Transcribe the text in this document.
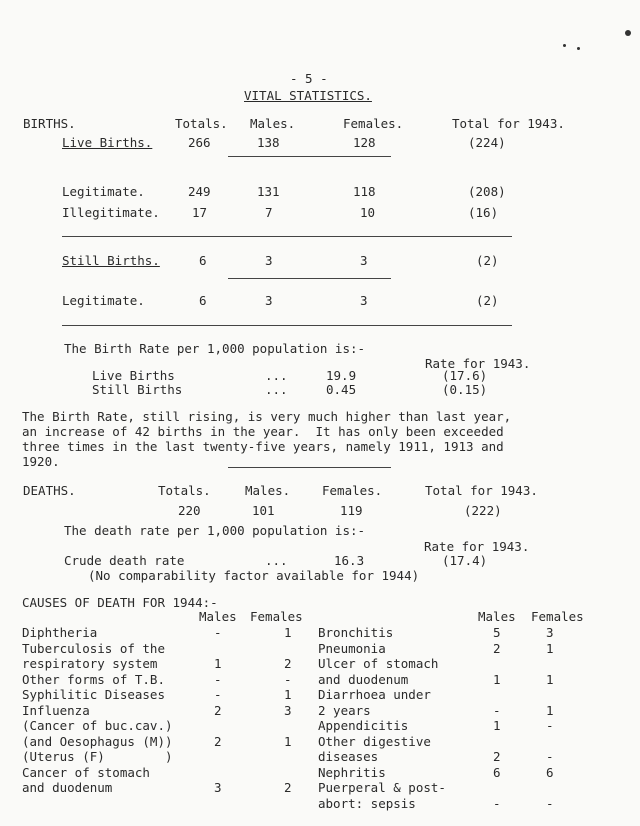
- 5 -
VITAL STATISTICS.
BIRTHS.	Totals. Males.	Females.	Total for 1943.
Live Births.	266	138	128	(224)
Legitimate.	249	131	118	(208)
Illegitimate.	17	7	10	(16)
Still Births.	6	3	3	(2)
Legitimate.	6	3	3	(2)
The Birth Rate per 1,000 population is:-
Rate for 1943.
Live Births	...	19.9	(17.6)
Still Births	...	0.45	(0.15)
The Birth Rate, still rising, is very much higher than last year,
an increase of 42 births in the year.  It has only been exceeded
three times in the last twenty-five years, namely 1911, 1913 and
1920.
DEATHS.	Totals.	Males.	Females.	Total for 1943.
220	101	119	(222)
The death rate per 1,000 population is:-
Rate for 1943.
Crude death rate	...	16.3	(17.4)
(No comparability factor available for 1944)
CAUSES OF DEATH FOR 1944:-
Males Females	Males Females
Diphtheria	-	1
Tuberculosis of the
respiratory system	1	2
Other forms of T.B.	-	-
Syphilitic Diseases	-	1
Influenza	2	3
(Cancer of buc.cav.)
(and Oesophagus (M))	2	1
(Uterus (F)        )
Cancer of stomach
and duodenum	3	2
Bronchitis	5	3
Pneumonia	2	1
Ulcer of stomach
and duodenum	1	1
Diarrhoea under
2 years	-	1
Appendicitis	1	-
Other digestive
diseases	2	-
Nephritis	6	6
Puerperal & post-
abort: sepsis	-	-
